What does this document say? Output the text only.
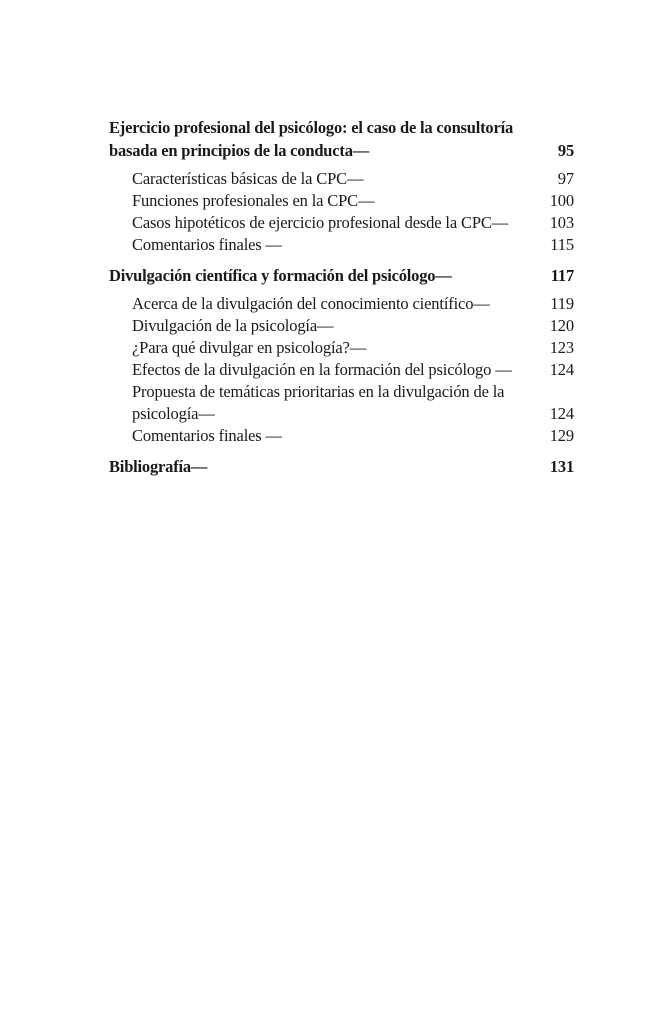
Ejercicio profesional del psicólogo: el caso de la consultoría
basada en principios de la conducta—	95
Características básicas de la CPC—	97
Funciones profesionales en la CPC—	100
Casos hipotéticos de ejercicio profesional desde la CPC—	103
Comentarios finales —	115
Divulgación científica y formación del psicólogo—	117
Acerca de la divulgación del conocimiento científico—	119
Divulgación de la psicología—	120
¿Para qué divulgar en psicología?—	123
Efectos de la divulgación en la formación del psicólogo —	124
Propuesta de temáticas prioritarias en la divulgación de la
psicología—	124
Comentarios finales —	129
Bibliografía—	131
